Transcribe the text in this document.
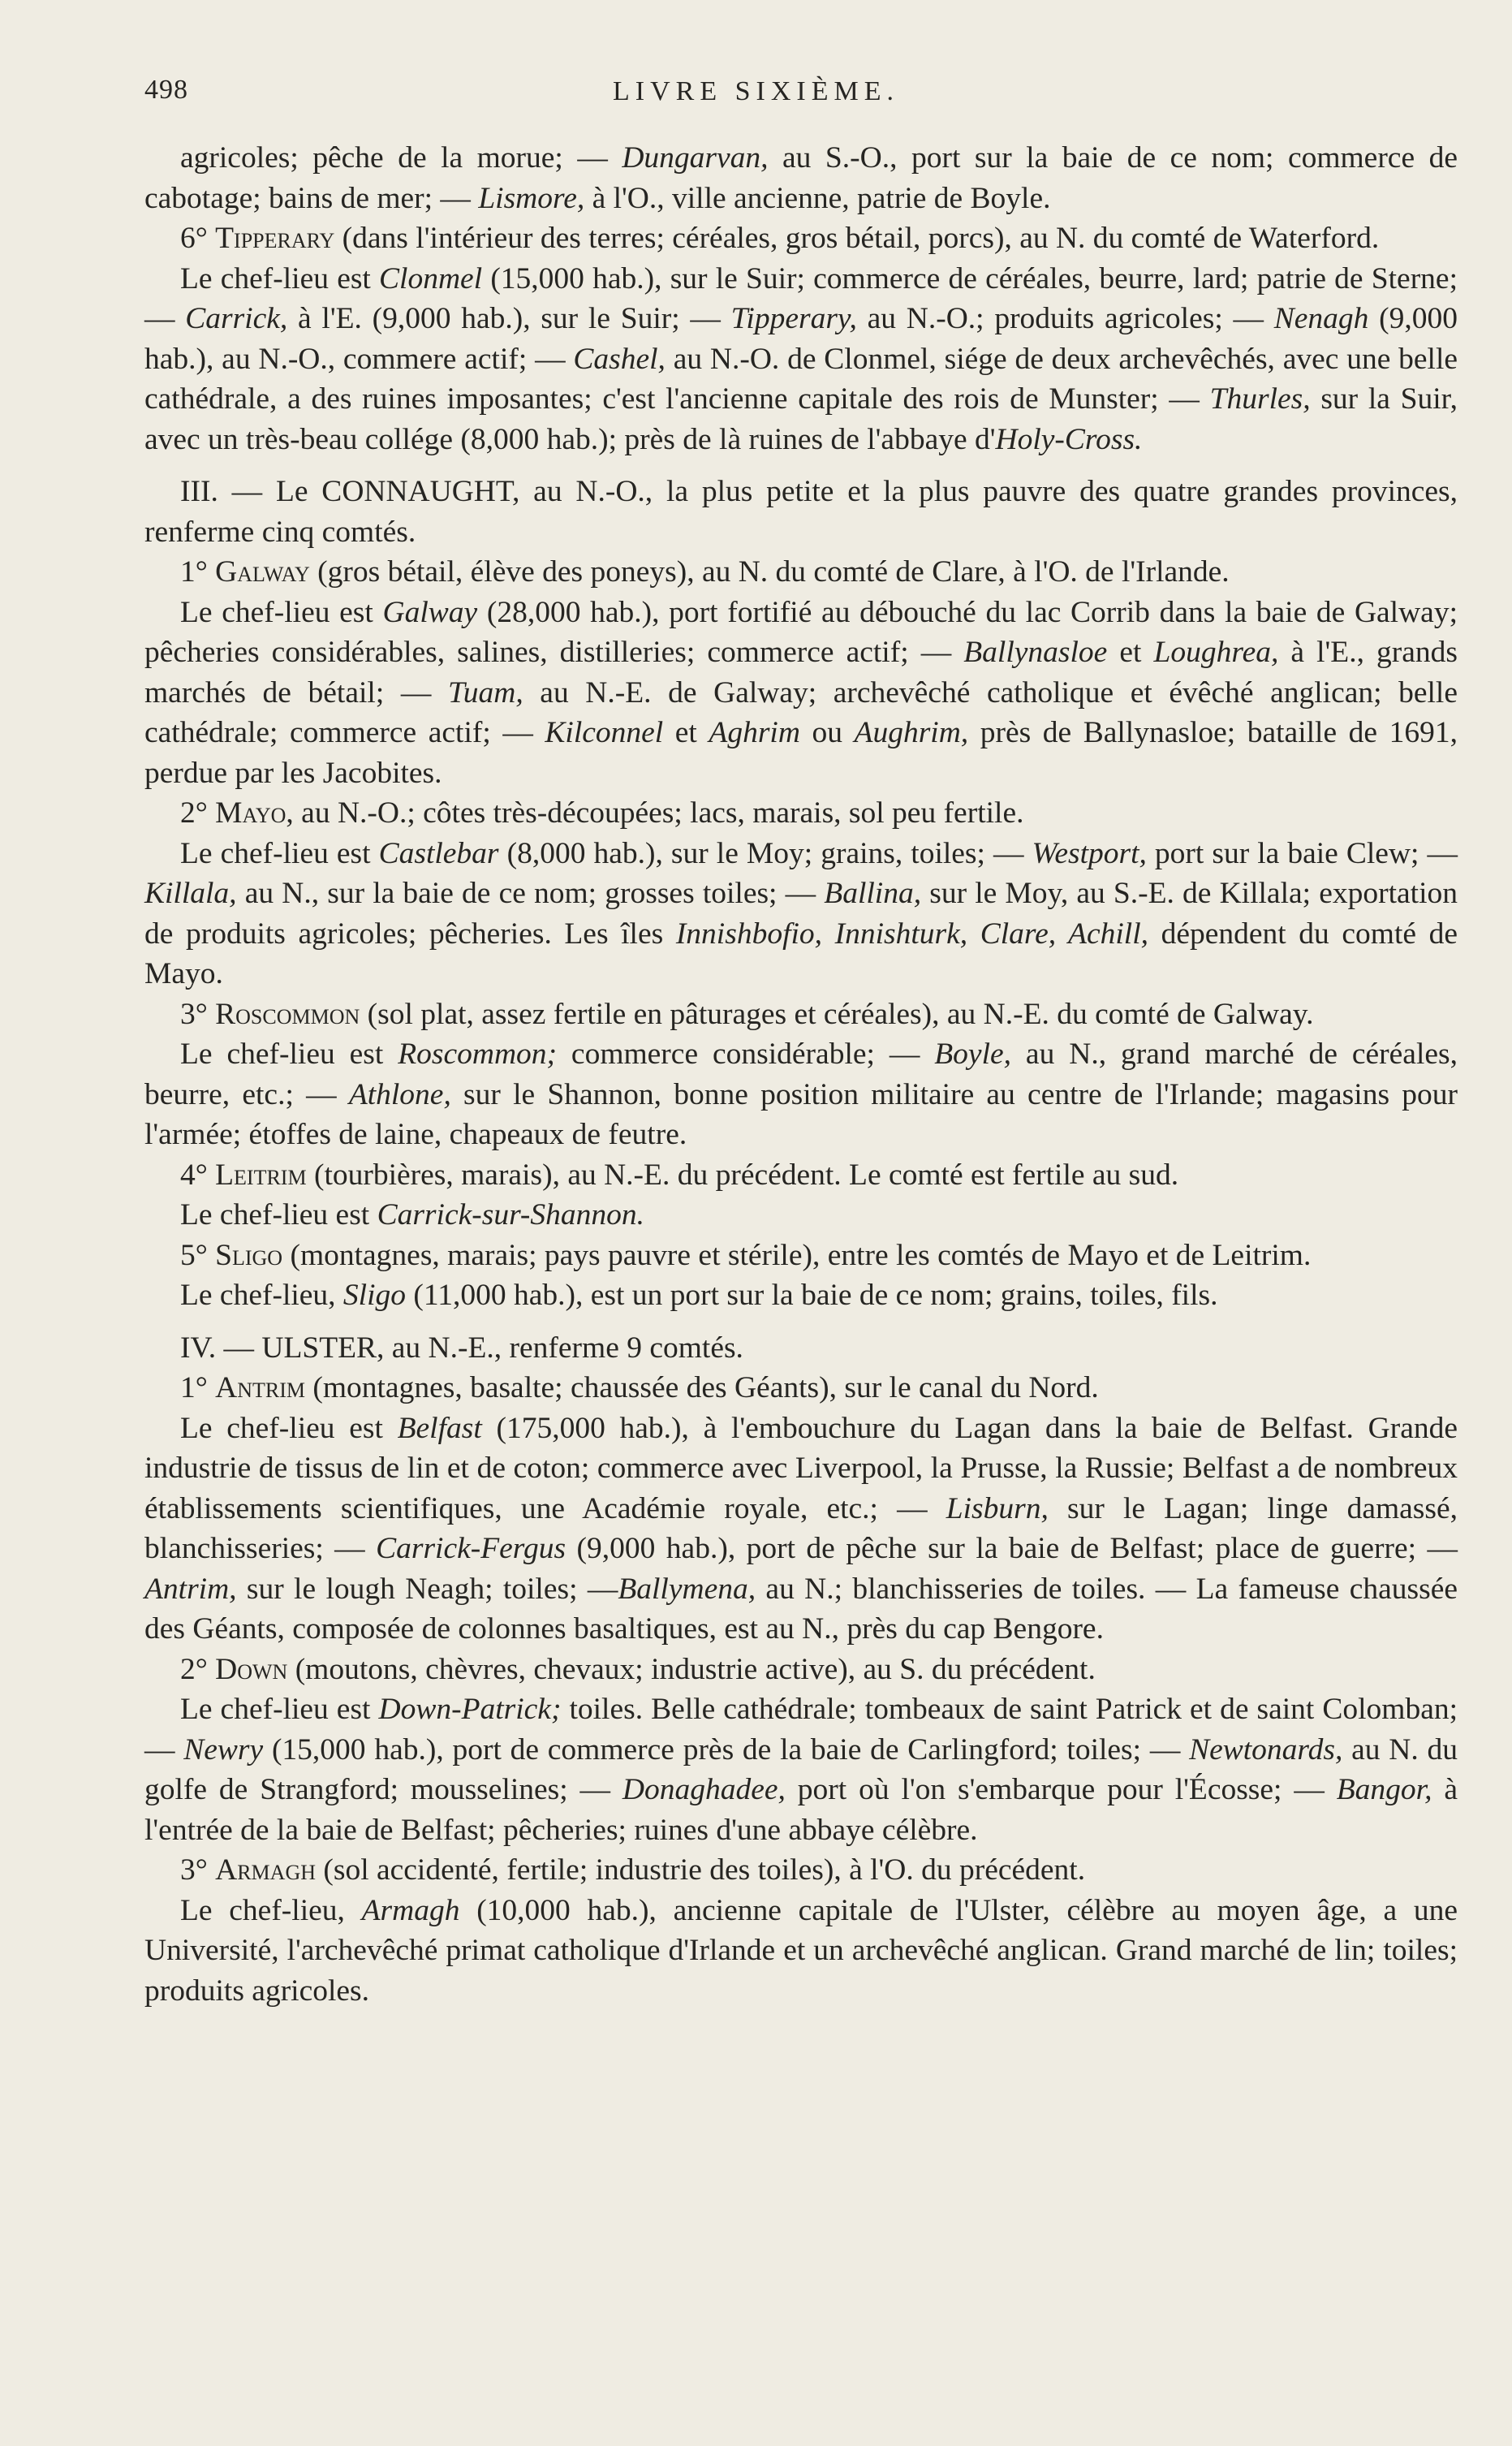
498	LIVRE SIXIÈME.

agricoles; pêche de la morue; — Dungarvan, au S.-O., port sur la baie de ce nom; commerce de cabotage; bains de mer; — Lismore, à l'O., ville ancienne, patrie de Boyle.

6° Tipperary (dans l'intérieur des terres; céréales, gros bétail, porcs), au N. du comté de Waterford.

Le chef-lieu est Clonmel (15,000 hab.), sur le Suir; commerce de céréales, beurre, lard; patrie de Sterne; — Carrick, à l'E. (9,000 hab.), sur le Suir; — Tipperary, au N.-O.; produits agricoles; — Nenagh (9,000 hab.), au N.-O., commere actif; — Cashel, au N.-O. de Clonmel, siége de deux archevêchés, avec une belle cathédrale, a des ruines imposantes; c'est l'ancienne capitale des rois de Munster; — Thurles, sur la Suir, avec un très-beau collége (8,000 hab.); près de là ruines de l'abbaye d'Holy-Cross.

III. — Le CONNAUGHT, au N.-O., la plus petite et la plus pauvre des quatre grandes provinces, renferme cinq comtés.

1° Galway (gros bétail, élève des poneys), au N. du comté de Clare, à l'O. de l'Irlande.

Le chef-lieu est Galway (28,000 hab.), port fortifié au débouché du lac Corrib dans la baie de Galway; pêcheries considérables, salines, distilleries; commerce actif; — Ballynasloe et Loughrea, à l'E., grands marchés de bétail; — Tuam, au N.-E. de Galway; archevêché catholique et évêché anglican; belle cathédrale; commerce actif; — Kilconnel et Aghrim ou Aughrim, près de Ballynasloe; bataille de 1691, perdue par les Jacobites.

2° Mayo, au N.-O.; côtes très-découpées; lacs, marais, sol peu fertile.

Le chef-lieu est Castlebar (8,000 hab.), sur le Moy; grains, toiles; — Westport, port sur la baie Clew; — Killala, au N., sur la baie de ce nom; grosses toiles; — Ballina, sur le Moy, au S.-E. de Killala; exportation de produits agricoles; pêcheries. Les îles Innishbofio, Innishturk, Clare, Achill, dépendent du comté de Mayo.

3° Roscommon (sol plat, assez fertile en pâturages et céréales), au N.-E. du comté de Galway.

Le chef-lieu est Roscommon; commerce considérable; — Boyle, au N., grand marché de céréales, beurre, etc.; — Athlone, sur le Shannon, bonne position militaire au centre de l'Irlande; magasins pour l'armée; étoffes de laine, chapeaux de feutre.

4° Leitrim (tourbières, marais), au N.-E. du précédent. Le comté est fertile au sud.

Le chef-lieu est Carrick-sur-Shannon.

5° Sligo (montagnes, marais; pays pauvre et stérile), entre les comtés de Mayo et de Leitrim.

Le chef-lieu, Sligo (11,000 hab.), est un port sur la baie de ce nom; grains, toiles, fils.

IV. — ULSTER, au N.-E., renferme 9 comtés.

1° Antrim (montagnes, basalte; chaussée des Géants), sur le canal du Nord.

Le chef-lieu est Belfast (175,000 hab.), à l'embouchure du Lagan dans la baie de Belfast. Grande industrie de tissus de lin et de coton; commerce avec Liverpool, la Prusse, la Russie; Belfast a de nombreux établissements scientifiques, une Académie royale, etc.; — Lisburn, sur le Lagan; linge damassé, blanchisseries; — Carrick-Fergus (9,000 hab.), port de pêche sur la baie de Belfast; place de guerre; —Antrim, sur le lough Neagh; toiles; —Ballymena, au N.; blanchisseries de toiles. — La fameuse chaussée des Géants, composée de colonnes basaltiques, est au N., près du cap Bengore.

2° Down (moutons, chèvres, chevaux; industrie active), au S. du précédent.

Le chef-lieu est Down-Patrick; toiles. Belle cathédrale; tombeaux de saint Patrick et de saint Colomban; — Newry (15,000 hab.), port de commerce près de la baie de Carlingford; toiles; — Newtonards, au N. du golfe de Strangford; mousselines; — Donaghadee, port où l'on s'embarque pour l'Écosse; — Bangor, à l'entrée de la baie de Belfast; pêcheries; ruines d'une abbaye célèbre.

3° Armagh (sol accidenté, fertile; industrie des toiles), à l'O. du précédent.

Le chef-lieu, Armagh (10,000 hab.), ancienne capitale de l'Ulster, célèbre au moyen âge, a une Université, l'archevêché primat catholique d'Irlande et un archevêché anglican. Grand marché de lin; toiles; produits agricoles.
